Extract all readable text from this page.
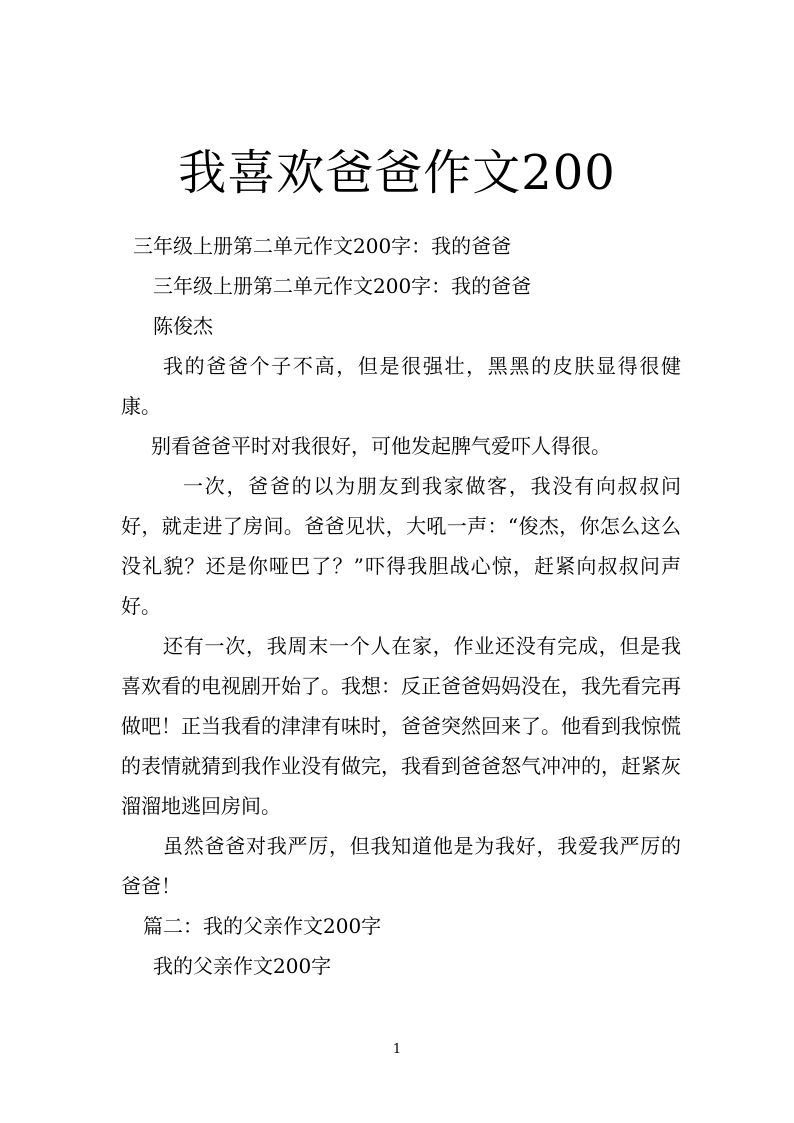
我喜欢爸爸作文200

三年级上册第二单元作文200字：我的爸爸

三年级上册第二单元作文200字：我的爸爸

陈俊杰

我的爸爸个子不高，但是很强壮，黑黑的皮肤显得很健康。

别看爸爸平时对我很好，可他发起脾气爱吓人得很。

一次，爸爸的以为朋友到我家做客，我没有向叔叔问好，就走进了房间。爸爸见状，大吼一声：“俊杰，你怎么这么没礼貌？还是你哑巴了？”吓得我胆战心惊，赶紧向叔叔问声好。

还有一次，我周末一个人在家，作业还没有完成，但是我喜欢看的电视剧开始了。我想：反正爸爸妈妈没在，我先看完再做吧！正当我看的津津有味时，爸爸突然回来了。他看到我惊慌的表情就猜到我作业没有做完，我看到爸爸怒气冲冲的，赶紧灰溜溜地逃回房间。

虽然爸爸对我严厉，但我知道他是为我好，我爱我严厉的爸爸！

篇二：我的父亲作文200字

我的父亲作文200字

1
